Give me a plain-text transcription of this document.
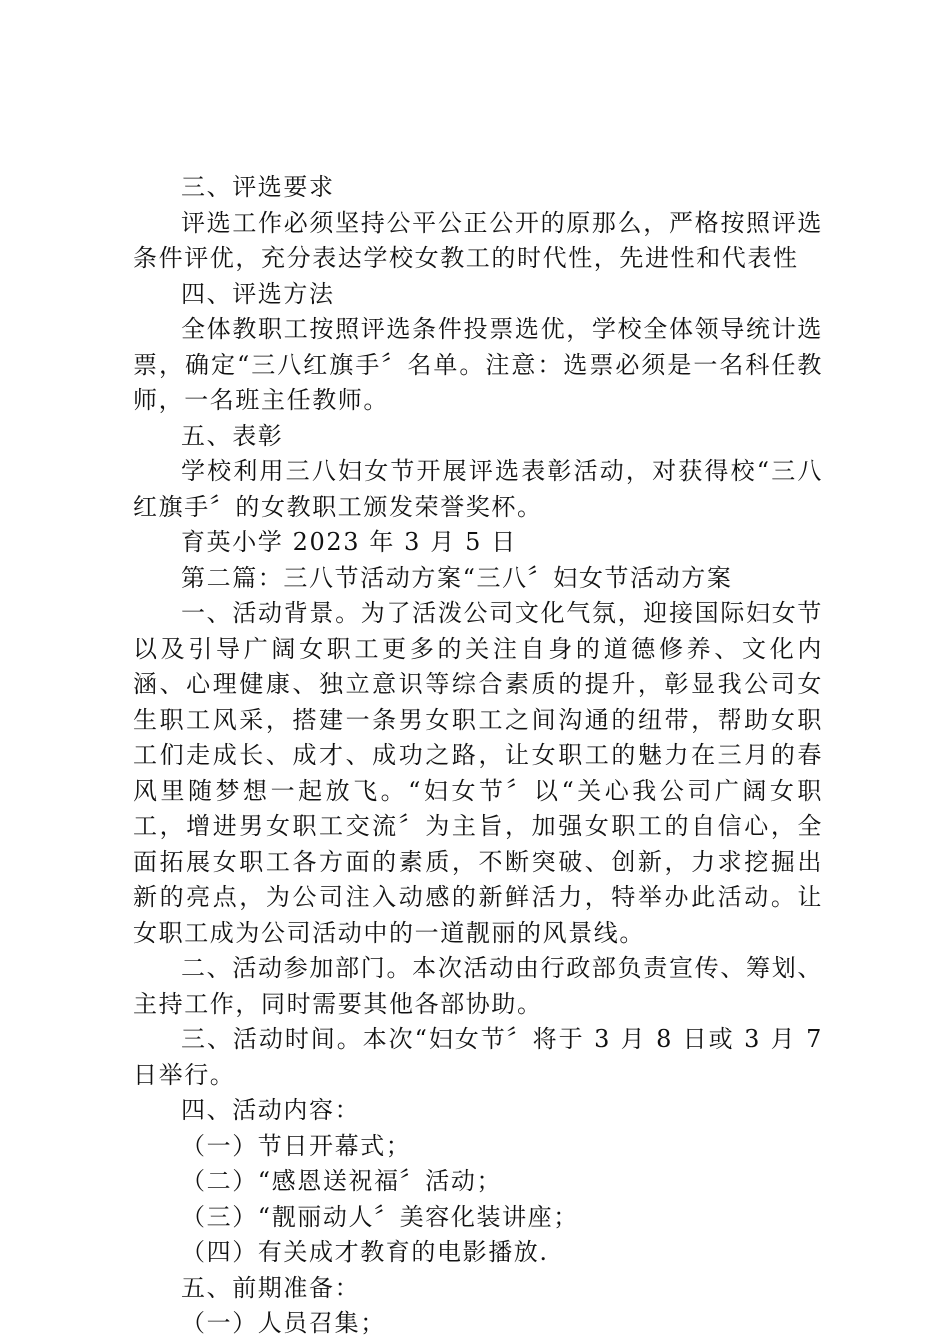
三、评选要求

评选工作必须坚持公平公正公开的原那么，严格按照评选条件评优，充分表达学校女教工的时代性，先进性和代表性

四、评选方法

全体教职工按照评选条件投票选优，学校全体领导统计选票，确定“三八红旗手〞名单。注意：选票必须是一名科任教师，一名班主任教师。

五、表彰

学校利用三八妇女节开展评选表彰活动，对获得校“三八红旗手〞的女教职工颁发荣誉奖杯。

育英小学 2023 年 3 月 5 日

第二篇：三八节活动方案“三八〞妇女节活动方案

一、活动背景。为了活泼公司文化气氛，迎接国际妇女节以及引导广阔女职工更多的关注自身的道德修养、文化内涵、心理健康、独立意识等综合素质的提升，彰显我公司女生职工风采，搭建一条男女职工之间沟通的纽带，帮助女职工们走成长、成才、成功之路，让女职工的魅力在三月的春风里随梦想一起放飞。“妇女节〞以“关心我公司广阔女职工，增进男女职工交流〞为主旨，加强女职工的自信心，全面拓展女职工各方面的素质，不断突破、创新，力求挖掘出新的亮点，为公司注入动感的新鲜活力，特举办此活动。让女职工成为公司活动中的一道靓丽的风景线。

二、活动参加部门。本次活动由行政部负责宣传、筹划、主持工作，同时需要其他各部协助。

三、活动时间。本次“妇女节〞将于 3 月 8 日或 3 月 7 日举行。

四、活动内容：

（一）节日开幕式；

（二）“感恩送祝福〞活动；

（三）“靓丽动人〞美容化装讲座；

（四）有关成才教育的电影播放.

五、前期准备：

（一）人员召集；
